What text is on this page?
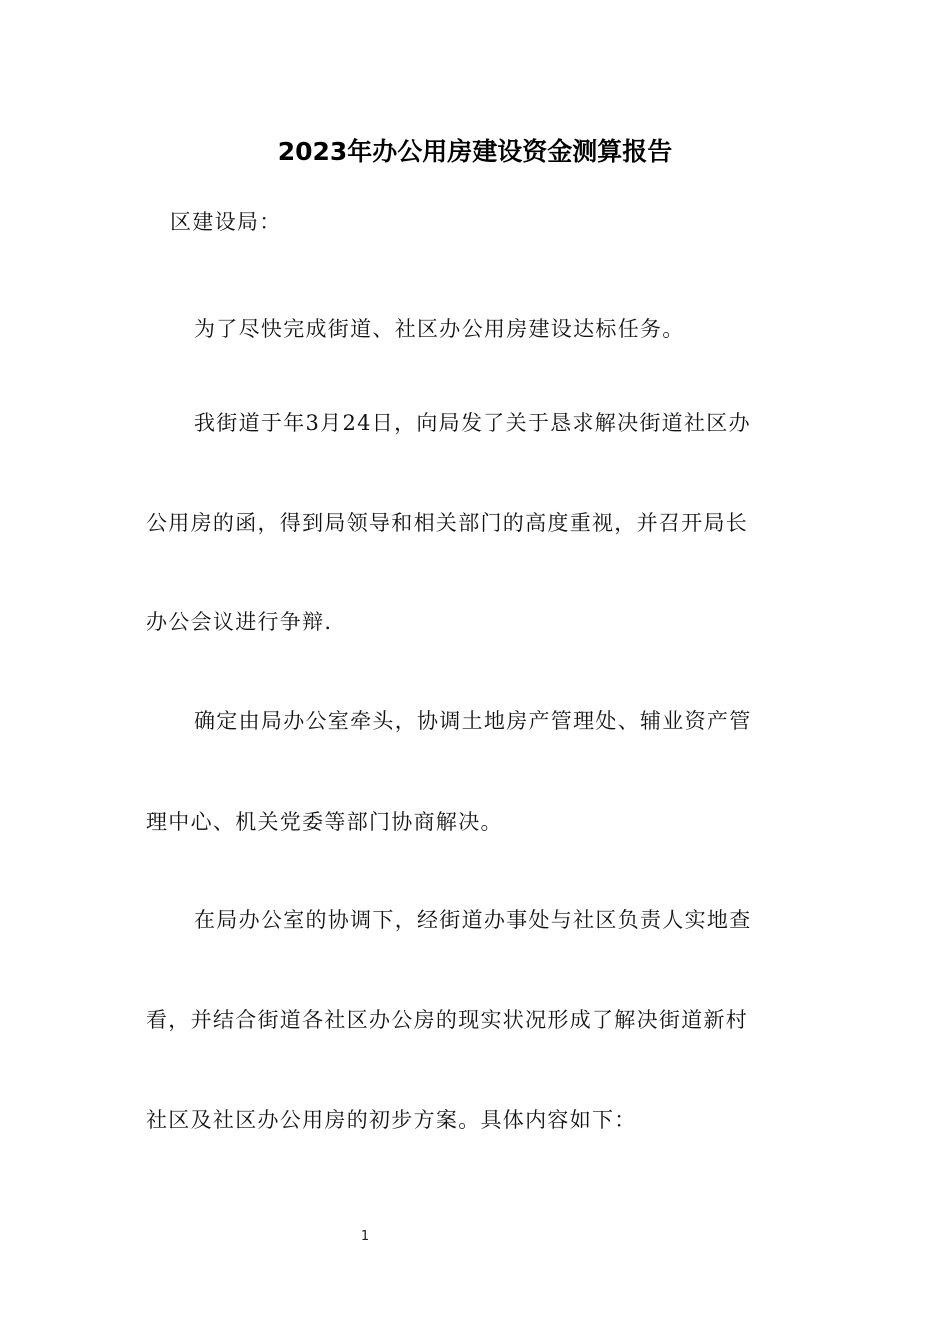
2023年办公用房建设资金测算报告
区建设局：
为了尽快完成街道、社区办公用房建设达标任务。
我街道于年3月24日，向局发了关于恳求解决街道社区办
公用房的函，得到局领导和相关部门的高度重视，并召开局长
办公会议进行争辩.
确定由局办公室牵头，协调土地房产管理处、辅业资产管
理中心、机关党委等部门协商解决。
在局办公室的协调下，经街道办事处与社区负责人实地查
看，并结合街道各社区办公房的现实状况形成了解决街道新村
社区及社区办公用房的初步方案。具体内容如下：
1
